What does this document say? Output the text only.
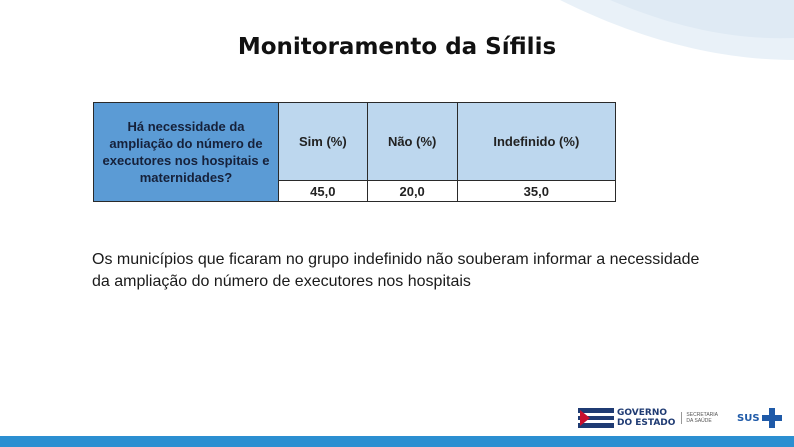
Monitoramento da Sífilis
Há necessidade da ampliação do número de executores nos hospitais e maternidades?	Sim (%)	Não (%)	Indefinido (%)
	45,0	20,0	35,0
Os municípios que ficaram no grupo indefinido não souberam informar a necessidade da ampliação do número de executores nos hospitais
GOVERNO
DO ESTADO
SECRETARIA
DA SAÚDE	SUS
